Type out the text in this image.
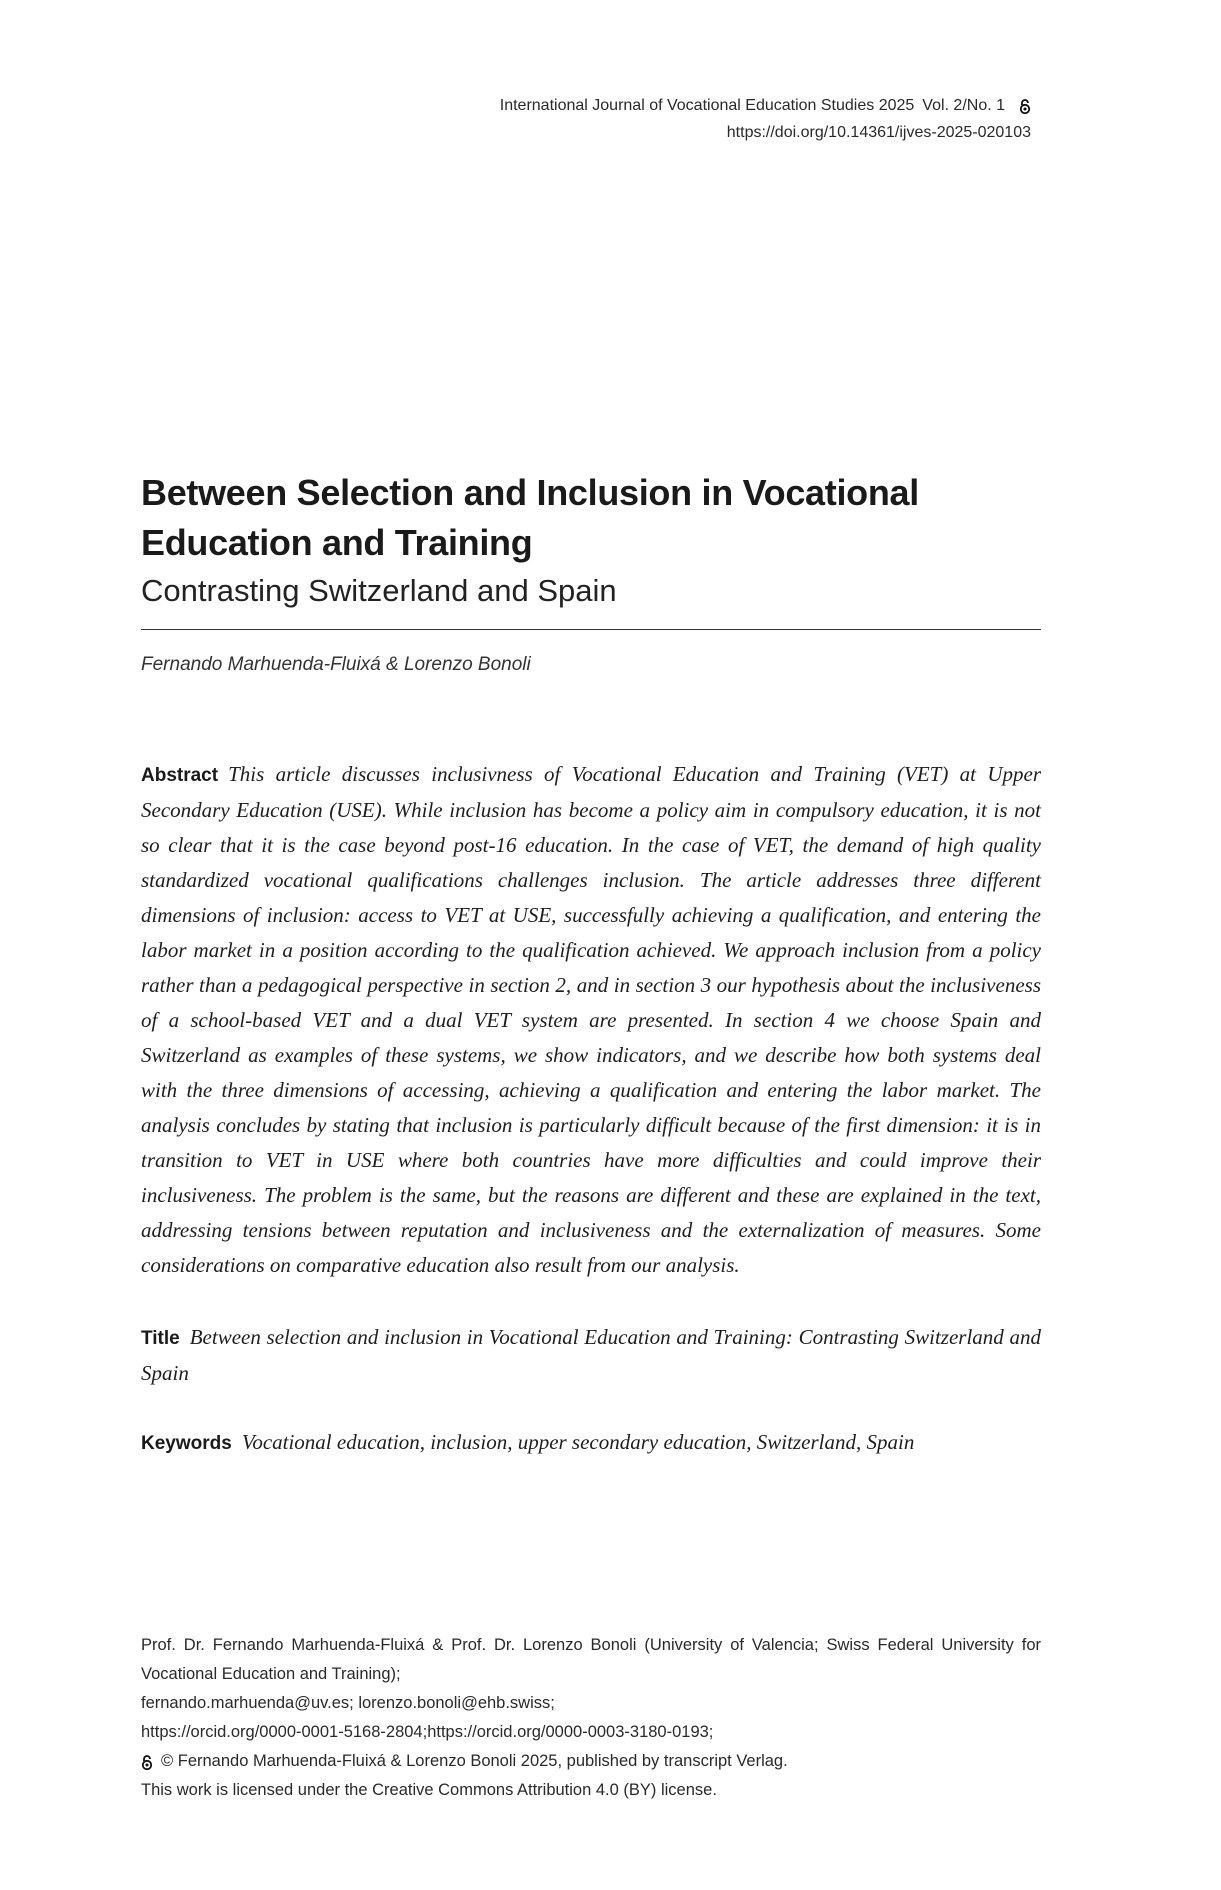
International Journal of Vocational Education Studies 2025 Vol. 2/No. 1
https://doi.org/10.14361/ijves-2025-020103
Between Selection and Inclusion in Vocational Education and Training
Contrasting Switzerland and Spain
Fernando Marhuenda-Fluixá & Lorenzo Bonoli

Abstract This article discusses inclusivness of Vocational Education and Training (VET) at Upper Secondary Education (USE). While inclusion has become a policy aim in compulsory education, it is not so clear that it is the case beyond post-16 education. In the case of VET, the demand of high quality standardized vocational qualifications challenges inclusion. The article addresses three different dimensions of inclusion: access to VET at USE, successfully achieving a qualification, and entering the labor market in a position according to the qualification achieved. We approach inclusion from a policy rather than a pedagogical perspective in section 2, and in section 3 our hypothesis about the inclusiveness of a school-based VET and a dual VET system are presented. In section 4 we choose Spain and Switzerland as examples of these systems, we show indicators, and we describe how both systems deal with the three dimensions of accessing, achieving a qualification and entering the labor market. The analysis concludes by stating that inclusion is particularly difficult because of the first dimension: it is in transition to VET in USE where both countries have more difficulties and could improve their inclusiveness. The problem is the same, but the reasons are different and these are explained in the text, addressing tensions between reputation and inclusiveness and the externalization of measures. Some considerations on comparative education also result from our analysis.

Title Between selection and inclusion in Vocational Education and Training: Contrasting Switzerland and Spain

Keywords Vocational education, inclusion, upper secondary education, Switzerland, Spain

Prof. Dr. Fernando Marhuenda-Fluixá & Prof. Dr. Lorenzo Bonoli (University of Valencia; Swiss Federal University for Vocational Education and Training);
fernando.marhuenda@uv.es; lorenzo.bonoli@ehb.swiss;
https://orcid.org/0000-0001-5168-2804;https://orcid.org/0000-0003-3180-0193;
© Fernando Marhuenda-Fluixá & Lorenzo Bonoli 2025, published by transcript Verlag.
This work is licensed under the Creative Commons Attribution 4.0 (BY) license.
